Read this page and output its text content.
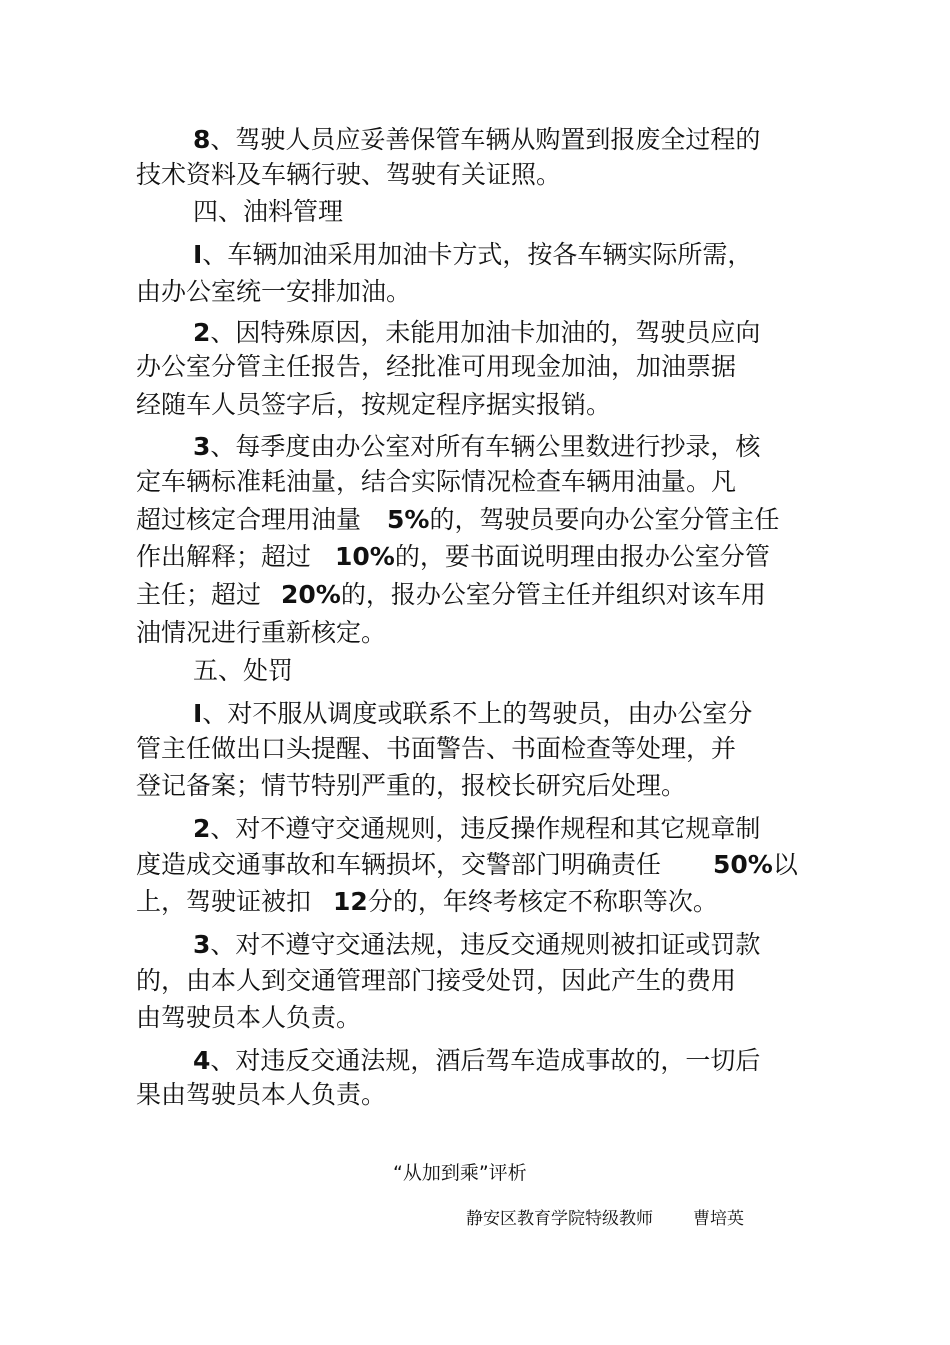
8、驾驶人员应妥善保管车辆从购置到报废全过程的
技术资料及车辆行驶、驾驶有关证照。
四、油料管理
I、车辆加油采用加油卡方式，按各车辆实际所需，
由办公室统一安排加油。
2、因特殊原因，未能用加油卡加油的，驾驶员应向
办公室分管主任报告，经批准可用现金加油，加油票据
经随车人员签字后，按规定程序据实报销。
3、每季度由办公室对所有车辆公里数进行抄录，核
定车辆标准耗油量，结合实际情况检查车辆用油量。凡
超过核定合理用油量 5%的，驾驶员要向办公室分管主任
作出解释；超过 10%的，要书面说明理由报办公室分管
主任；超过 20%的，报办公室分管主任并组织对该车用
油情况进行重新核定。
五、处罚
I、对不服从调度或联系不上的驾驶员，由办公室分
管主任做出口头提醒、书面警告、书面检查等处理，并
登记备案；情节特别严重的，报校长研究后处理。
2、对不遵守交通规则，违反操作规程和其它规章制
度造成交通事故和车辆损坏，交警部门明确责任 50%以
上，驾驶证被扣 12分的，年终考核定不称职等次。
3、对不遵守交通法规，违反交通规则被扣证或罚款
的，由本人到交通管理部门接受处罚，因此产生的费用
由驾驶员本人负责。
4、对违反交通法规，酒后驾车造成事故的，一切后
果由驾驶员本人负责。
“从加到乘”评析
静安区教育学院特级教师 曹培英
